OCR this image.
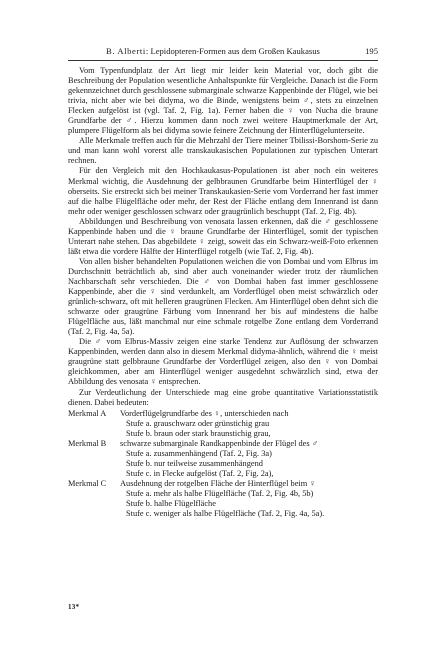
B. Alberti: Lepidopteren-Formen aus dem Großen Kaukasus	195

Vom Typenfundplatz der Art liegt mir leider kein Material vor, doch gibt die Beschreibung der Population wesentliche Anhaltspunkte für Vergleiche. Danach ist die Form gekennzeichnet durch geschlossene submarginale schwarze Kappenbinde der Flügel, wie bei trivia, nicht aber wie bei didyma, wo die Binde, wenigstens beim ♂, stets zu einzelnen Flecken aufgelöst ist (vgl. Taf. 2, Fig. 1a). Ferner haben die ♀ von Nucha die braune Grundfarbe der ♂. Hierzu kommen dann noch zwei weitere Hauptmerkmale der Art, plumpere Flügelform als bei didyma sowie feinere Zeichnung der Hinterflügelunterseite.

Alle Merkmale treffen auch für die Mehrzahl der Tiere meiner Tbilissi-Borshom-Serie zu und man kann wohl vorerst alle transkaukasischen Populationen zur typischen Unterart rechnen.

Für den Vergleich mit den Hochkaukasus-Populationen ist aber noch ein weiteres Merkmal wichtig, die Ausdehnung der gelbbraunen Grundfarbe beim Hinterflügel der ♀ oberseits. Sie erstreckt sich bei meiner Transkaukasien-Serie vom Vorderrand her fast immer auf die halbe Flügelfläche oder mehr, der Rest der Fläche entlang dem Innenrand ist dann mehr oder weniger geschlossen schwarz oder graugrünlich beschuppt (Taf. 2, Fig. 4b).

Abbildungen und Beschreibung von venosata lassen erkennen, daß die ♂ geschlossene Kappenbinde haben und die ♀ braune Grundfarbe der Hinterflügel, somit der typischen Unterart nahe stehen. Das abgebildete ♀ zeigt, soweit das ein Schwarz-weiß-Foto erkennen läßt etwa die vordere Hälfte der Hinterflügel rotgelb (wie Taf. 2, Fig. 4b).

Von allen bisher behandelten Populationen weichen die von Dombai und vom Elbrus im Durchschnitt beträchtlich ab, sind aber auch voneinander wieder trotz der räumlichen Nachbarschaft sehr verschieden. Die ♂ von Dombai haben fast immer geschlossene Kappenbinde, aber die ♀ sind verdunkelt, am Vorderflügel oben meist schwärzlich oder grünlich-schwarz, oft mit helleren graugrünen Flecken. Am Hinterflügel oben dehnt sich die schwarze oder graugrüne Färbung vom Innenrand her bis auf mindestens die halbe Flügelfläche aus, läßt manchmal nur eine schmale rotgelbe Zone entlang dem Vorderrand (Taf. 2, Fig. 4a, 5a).

Die ♂ vom Elbrus-Massiv zeigen eine starke Tendenz zur Auflösung der schwarzen Kappenbinden, werden dann also in diesem Merkmal didyma-ähnlich, während die ♀ meist graugrüne statt gelbbraune Grundfarbe der Vorderflügel zeigen, also den ♀ von Dombai gleichkommen, aber am Hinterflügel weniger ausgedehnt schwärzlich sind, etwa der Abbildung des venosata ♀ entsprechen.

Zur Verdeutlichung der Unterschiede mag eine grobe quantitative Variationsstatistik dienen. Dabei bedeuten:

Merkmal A	Vorderflügelgrundfarbe des ♀, unterschieden nach
Stufe a. grauschwarz oder grünstichig grau
Stufe b. braun oder stark braunstichig grau,
Merkmal B	schwarze submarginale Randkappenbinde der Flügel des ♂
Stufe a. zusammenhängend (Taf. 2, Fig. 3a)
Stufe b. nur teilweise zusammenhängend
Stufe c. in Flecke aufgelöst (Taf. 2, Fig. 2a),
Merkmal C	Ausdehnung der rotgelben Fläche der Hinterflügel beim ♀
Stufe a. mehr als halbe Flügelfläche (Taf. 2, Fig. 4b, 5b)
Stufe b. halbe Flügelfläche
Stufe c. weniger als halbe Flügelfläche (Taf. 2, Fig. 4a, 5a).
13*
